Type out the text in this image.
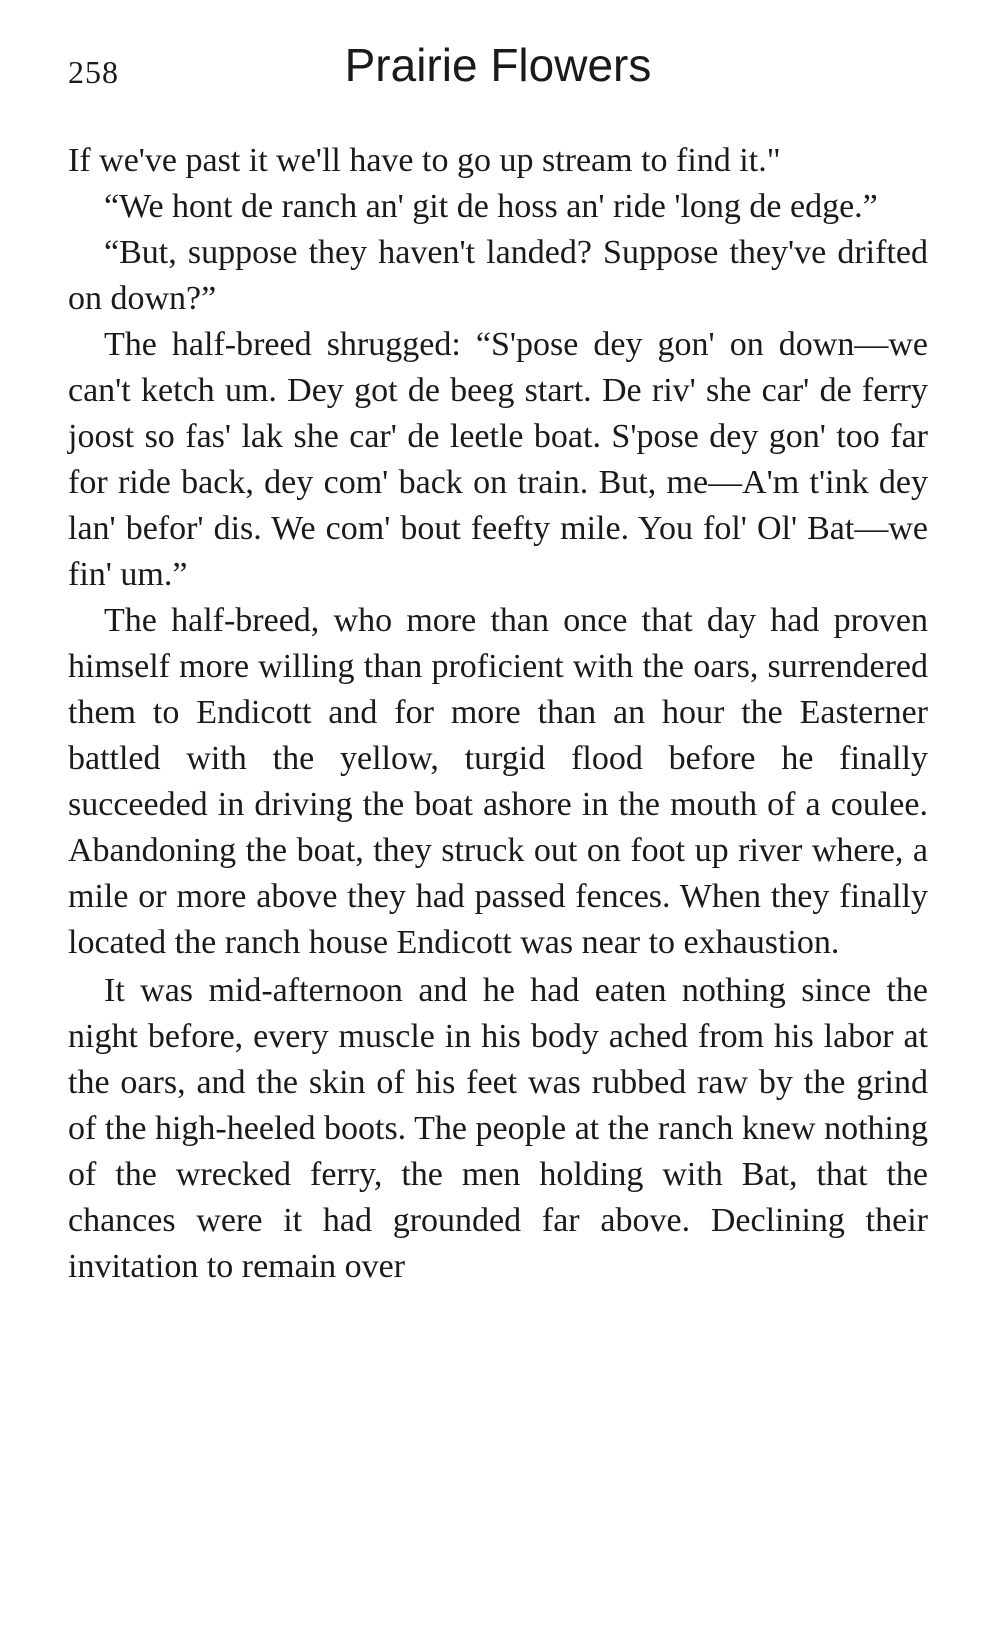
258	Prairie Flowers

If we've past it we'll have to go up stream to find it."

“We hont de ranch an' git de hoss an' ride 'long de edge.”

“But, suppose they haven't landed? Suppose they've drifted on down?”

The half-breed shrugged: “S'pose dey gon' on down—we can't ketch um. Dey got de beeg start. De riv' she car' de ferry joost so fas' lak she car' de leetle boat. S'pose dey gon' too far for ride back, dey com' back on train. But, me—A'm t'ink dey lan' befor' dis. We com' bout feefty mile. You fol' Ol' Bat—we fin' um.”

The half-breed, who more than once that day had proven himself more willing than proficient with the oars, surrendered them to Endicott and for more than an hour the Easterner battled with the yellow, turgid flood before he finally succeeded in driving the boat ashore in the mouth of a coulee. Abandoning the boat, they struck out on foot up river where, a mile or more above they had passed fences. When they finally located the ranch house Endicott was near to exhaustion.

It was mid-afternoon and he had eaten nothing since the night before, every muscle in his body ached from his labor at the oars, and the skin of his feet was rubbed raw by the grind of the high-heeled boots. The people at the ranch knew nothing of the wrecked ferry, the men holding with Bat, that the chances were it had grounded far above. Declining their invitation to remain over
